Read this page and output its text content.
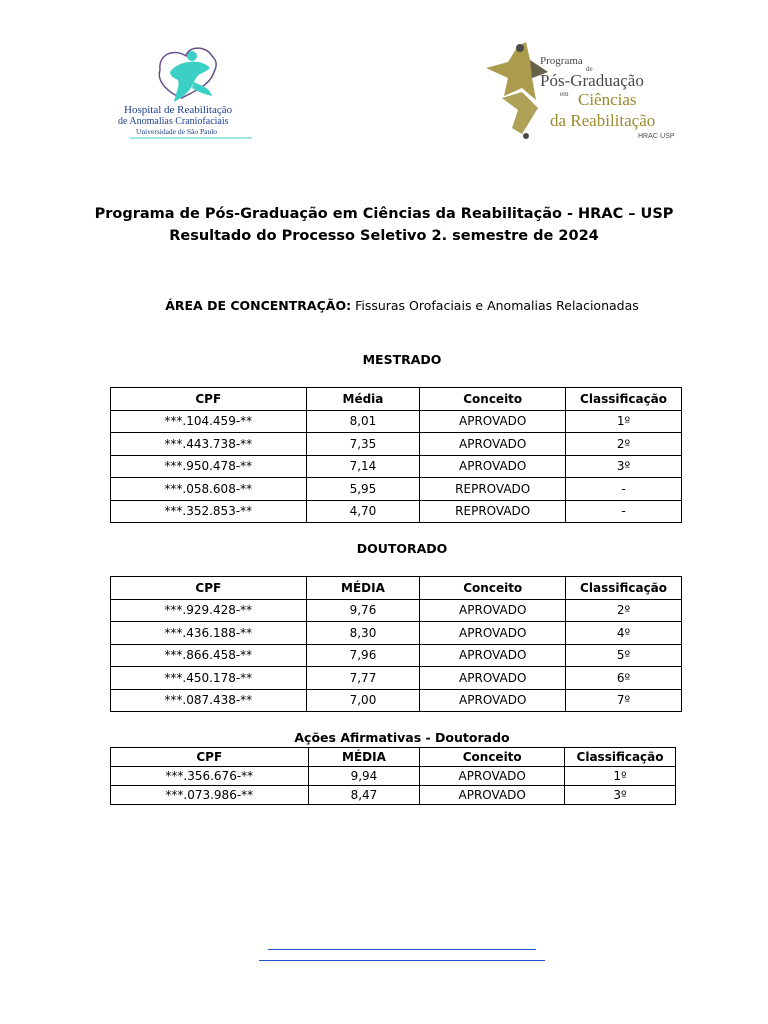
Hospital de Reabilitação
de Anomalias Craniofaciais
Universidade de São Paulo
Programa
de
Pós-Graduação
em Ciências
da Reabilitação
HRAC·USP
Programa de Pós-Graduação em Ciências da Reabilitação - HRAC – USP
Resultado do Processo Seletivo 2. semestre de 2024
ÁREA DE CONCENTRAÇÃO: Fissuras Orofaciais e Anomalias Relacionadas
MESTRADO
CPF	Média	Conceito	Classificação
***.104.459-**	8,01	APROVADO	1º
***.443.738-**	7,35	APROVADO	2º
***.950.478-**	7,14	APROVADO	3º
***.058.608-**	5,95	REPROVADO	-
***.352.853-**	4,70	REPROVADO	-
DOUTORADO
CPF	MÉDIA	Conceito	Classificação
***.929.428-**	9,76	APROVADO	2º
***.436.188-**	8,30	APROVADO	4º
***.866.458-**	7,96	APROVADO	5º
***.450.178-**	7,77	APROVADO	6º
***.087.438-**	7,00	APROVADO	7º
Ações Afirmativas - Doutorado
CPF	MÉDIA	Conceito	Classificação
***.356.676-**	9,94	APROVADO	1º
***.073.986-**	8,47	APROVADO	3º
